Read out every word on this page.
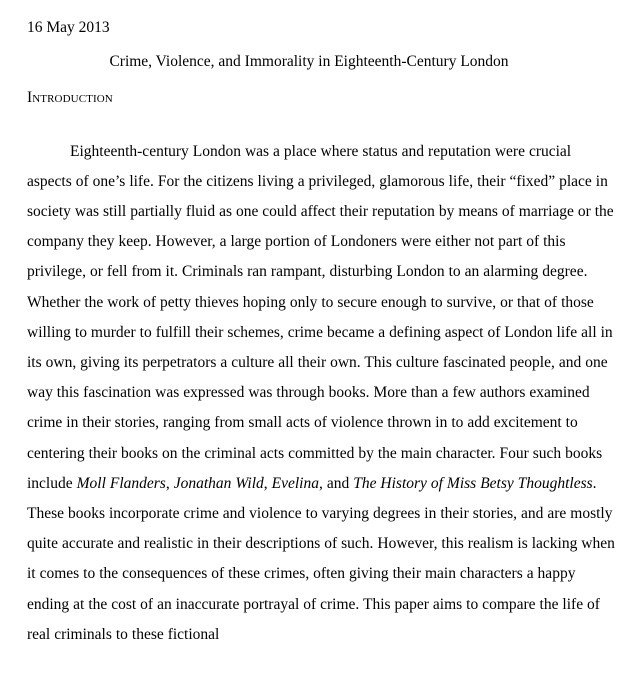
16 May 2013
Crime, Violence, and Immorality in Eighteenth-Century London
Introduction

Eighteenth-century London was a place where status and reputation were crucial aspects of one’s life. For the citizens living a privileged, glamorous life, their “fixed” place in society was still partially fluid as one could affect their reputation by means of marriage or the company they keep. However, a large portion of Londoners were either not part of this privilege, or fell from it. Criminals ran rampant, disturbing London to an alarming degree. Whether the work of petty thieves hoping only to secure enough to survive, or that of those willing to murder to fulfill their schemes, crime became a defining aspect of London life all in its own, giving its perpetrators a culture all their own. This culture fascinated people, and one way this fascination was expressed was through books. More than a few authors examined crime in their stories, ranging from small acts of violence thrown in to add excitement to centering their books on the criminal acts committed by the main character. Four such books include Moll Flanders, Jonathan Wild, Evelina, and The History of Miss Betsy Thoughtless. These books incorporate crime and violence to varying degrees in their stories, and are mostly quite accurate and realistic in their descriptions of such. However, this realism is lacking when it comes to the consequences of these crimes, often giving their main characters a happy ending at the cost of an inaccurate portrayal of crime. This paper aims to compare the life of real criminals to these fictional
